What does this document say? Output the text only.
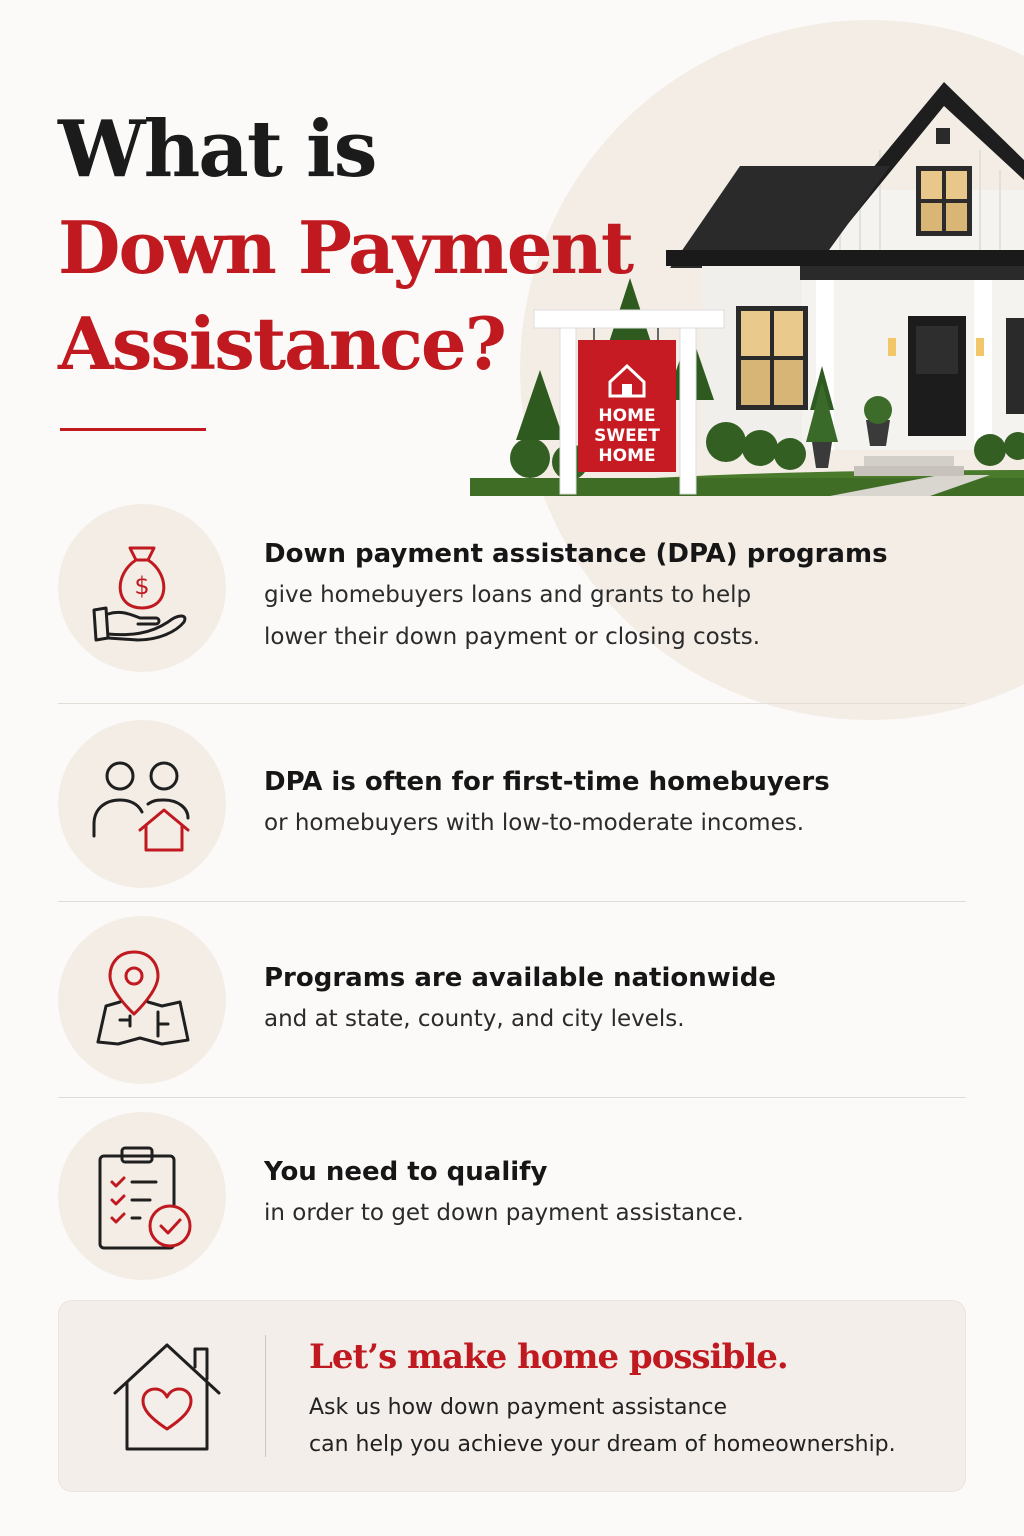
What is
Down Payment
Assistance?
HOME
SWEET
HOME
$
Down payment assistance (DPA) programs
give homebuyers loans and grants to help
lower their down payment or closing costs.
DPA is often for first-time homebuyers
or homebuyers with low-to-moderate incomes.
Programs are available nationwide
and at state, county, and city levels.
You need to qualify
in order to get down payment assistance.
Let’s make home possible.
Ask us how down payment assistance
can help you achieve your dream of homeownership.
